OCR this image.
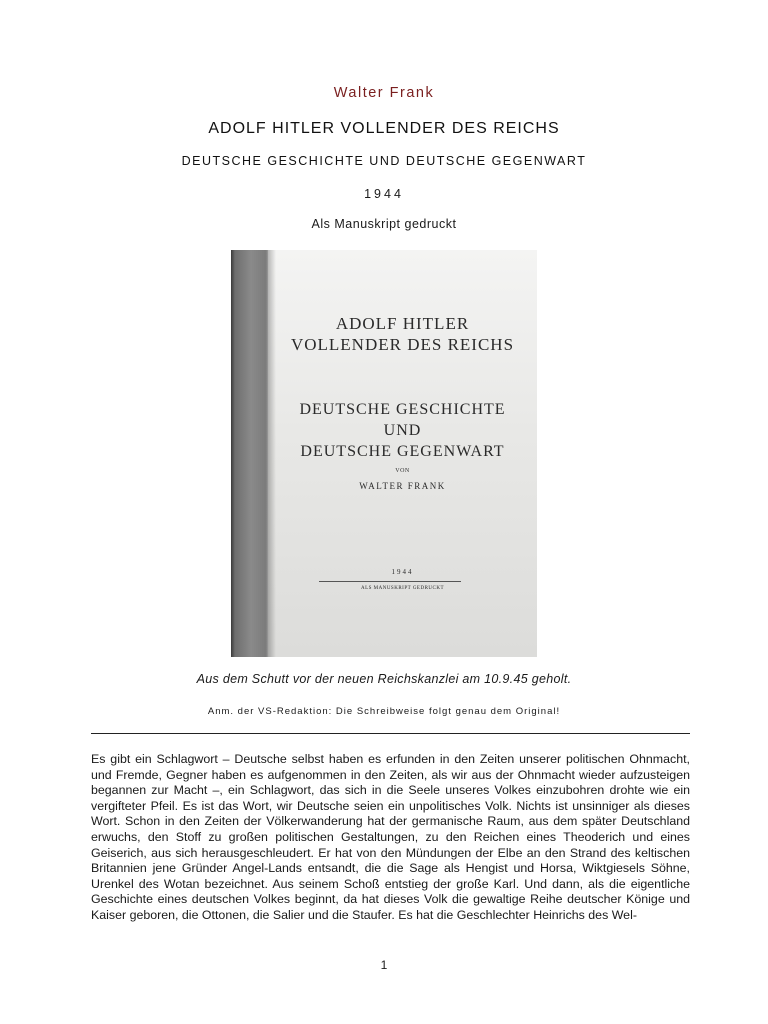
Walter Frank
ADOLF HITLER VOLLENDER DES REICHS
DEUTSCHE GESCHICHTE UND DEUTSCHE GEGENWART
1944
Als Manuskript gedruckt
ADOLF HITLER
VOLLENDER DES REICHS
DEUTSCHE GESCHICHTE
UND
DEUTSCHE GEGENWART
VON
WALTER FRANK
1944
ALS MANUSKRIPT GEDRUCKT
Aus dem Schutt vor der neuen Reichskanzlei am 10.9.45 geholt.
Anm. der VS-Redaktion: Die Schreibweise folgt genau dem Original!

Es gibt ein Schlagwort – Deutsche selbst haben es erfunden in den Zeiten unserer politischen Ohnmacht, und Fremde, Gegner haben es aufgenommen in den Zeiten, als wir aus der Ohnmacht wieder aufzusteigen begannen zur Macht –, ein Schlagwort, das sich in die Seele unseres Volkes einzubohren drohte wie ein vergifteter Pfeil. Es ist das Wort, wir Deutsche seien ein unpolitisches Volk. Nichts ist unsinniger als dieses Wort. Schon in den Zeiten der Völkerwanderung hat der germanische Raum, aus dem später Deutschland erwuchs, den Stoff zu großen politischen Gestaltungen, zu den Reichen eines Theoderich und eines Geiserich, aus sich herausgeschleudert. Er hat von den Mündungen der Elbe an den Strand des keltischen Britannien jene Gründer Angel-Lands entsandt, die die Sage als Hengist und Horsa, Wiktgiesels Söhne, Urenkel des Wotan bezeichnet. Aus seinem Schoß entstieg der große Karl. Und dann, als die eigentliche Geschichte eines deutschen Volkes beginnt, da hat dieses Volk die gewaltige Reihe deutscher Könige und Kaiser geboren, die Ottonen, die Salier und die Staufer. Es hat die Geschlechter Heinrichs des Wel-

1
